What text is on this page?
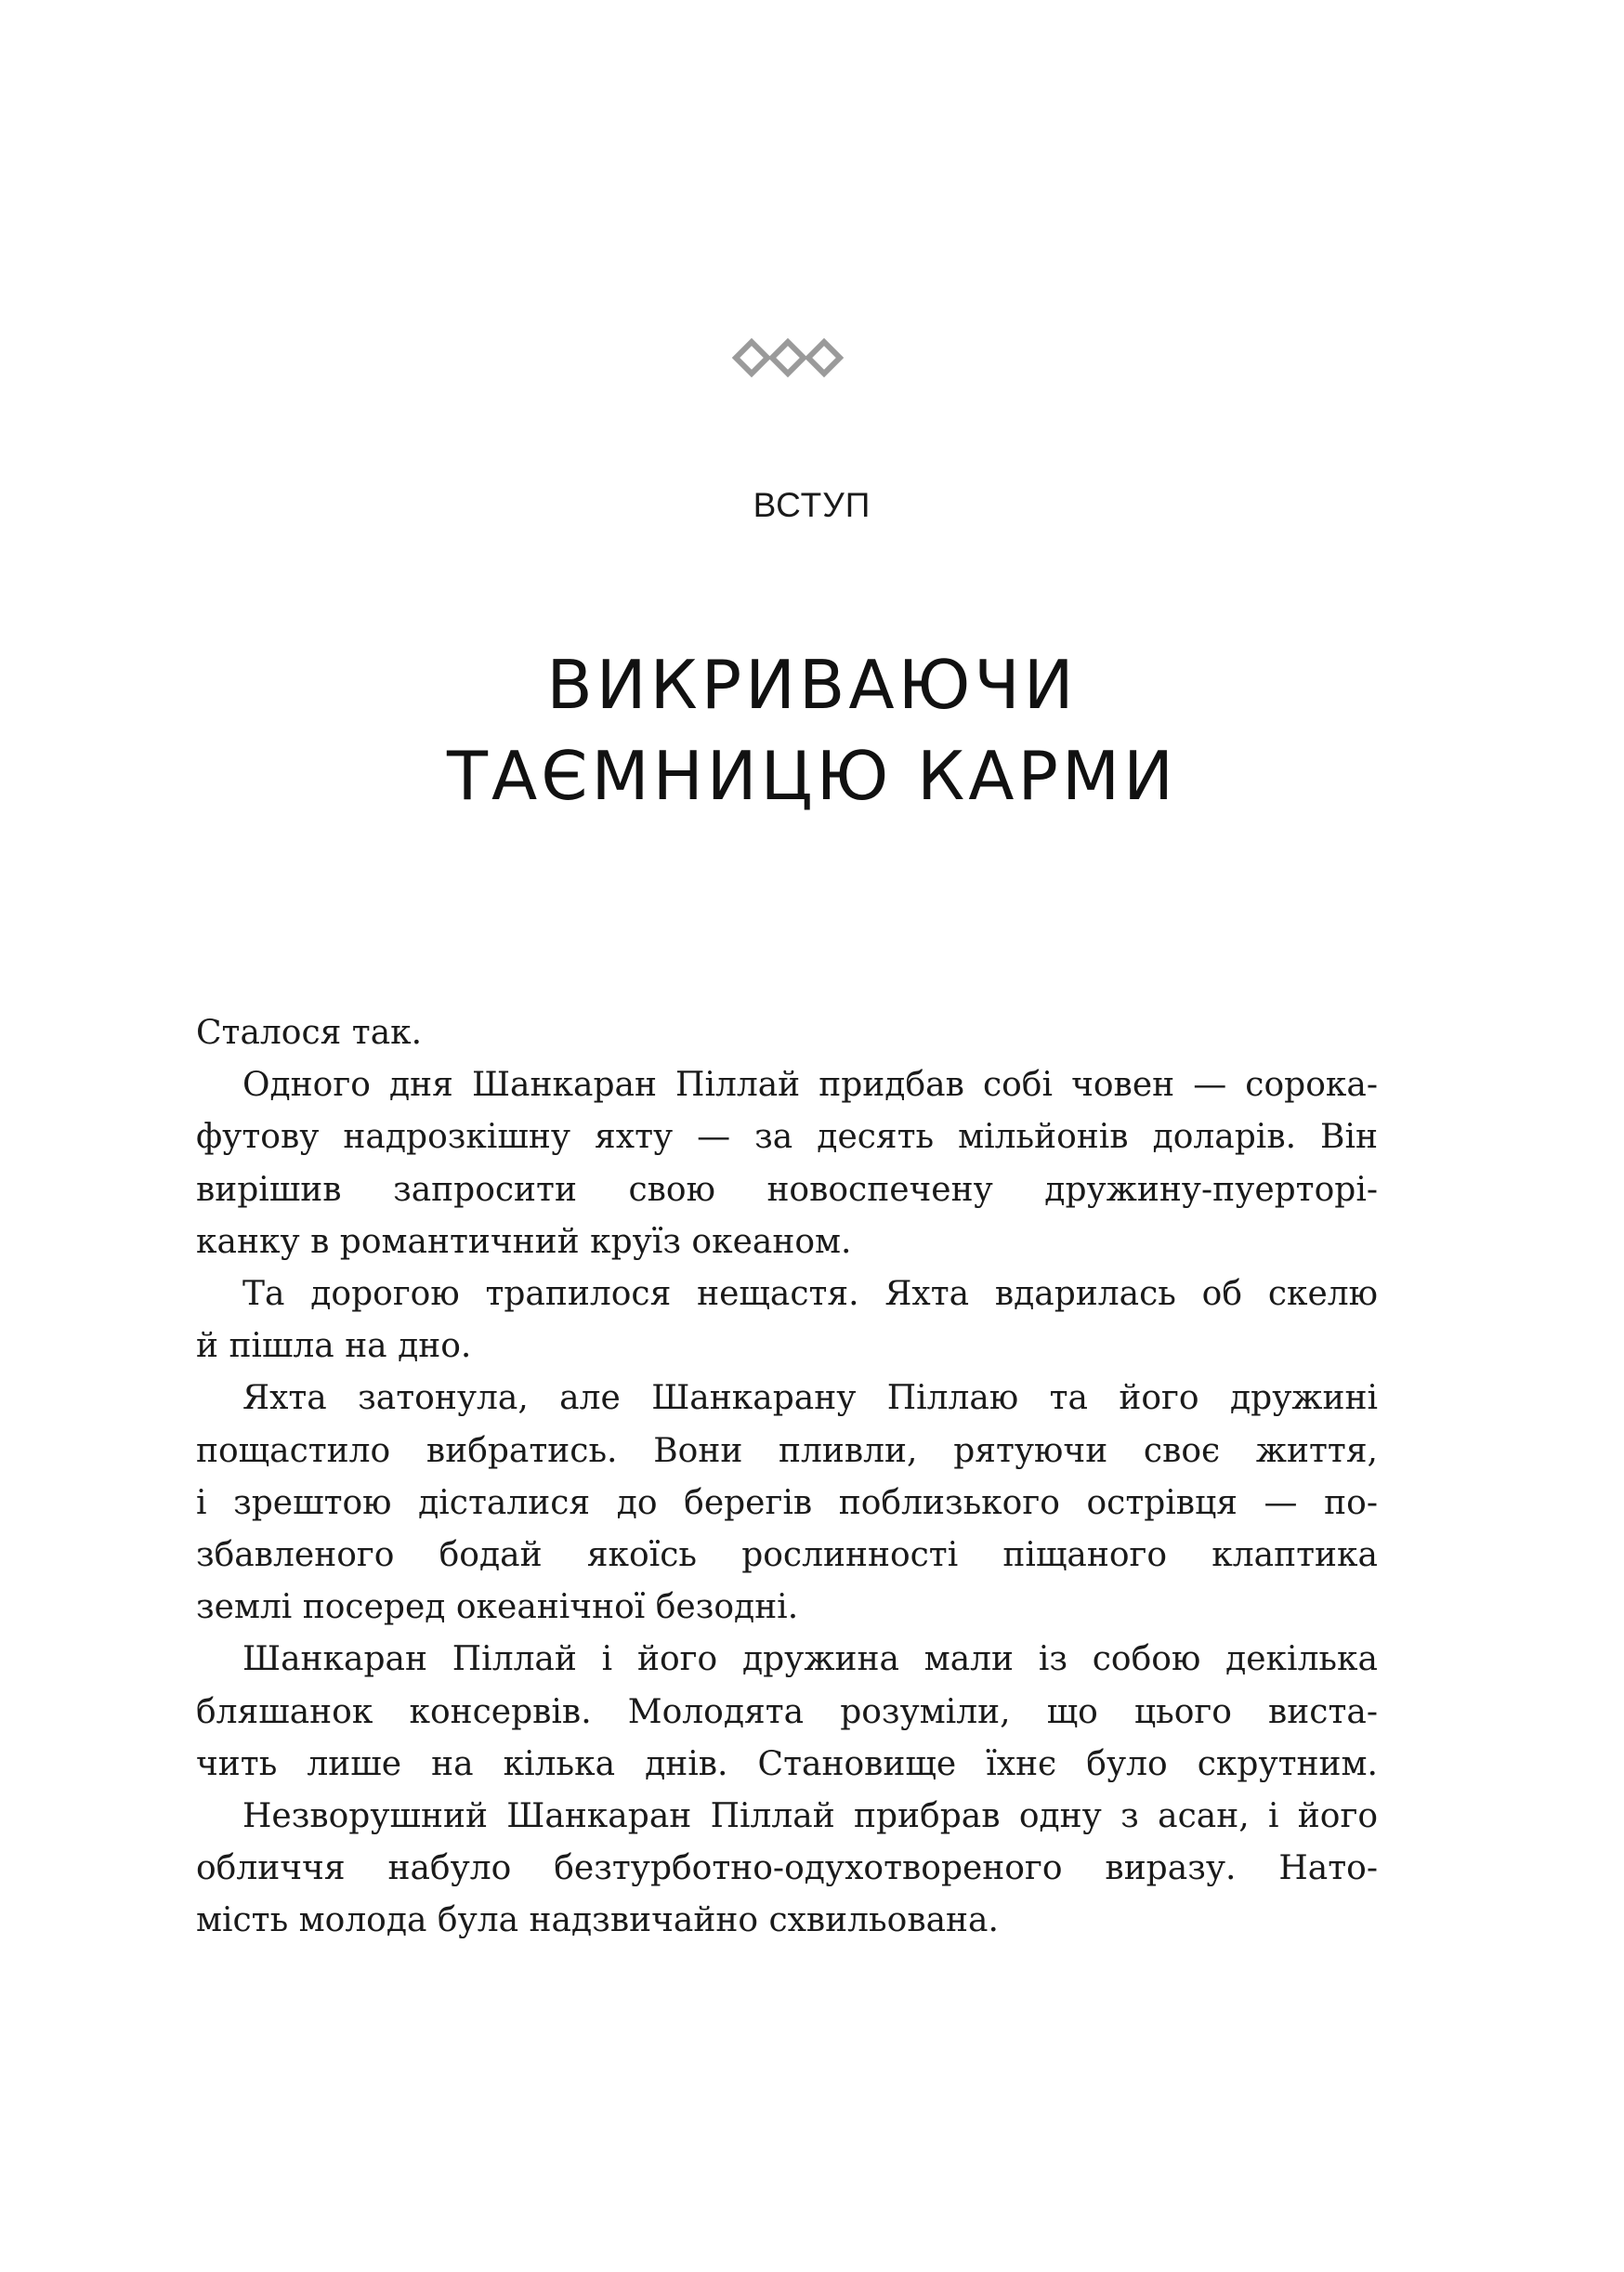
ВСТУП
ВИКРИВАЮЧИ
ТАЄМНИЦЮ КАРМИ
Сталося так.
Одного дня Шанкаран Піллай придбав собі човен — сорока-
футову надрозкішну яхту — за десять мільйонів доларів. Він
вирішив запросити свою новоспечену дружину-пуерторі-
канку в романтичний круїз океаном.
Та дорогою трапилося нещастя. Яхта вдарилась об скелю
й пішла на дно.
Яхта затонула, але Шанкарану Піллаю та його дружині
пощастило вибратись. Вони пливли, рятуючи своє життя,
і зрештою дісталися до берегів поблизького острівця — по-
збавленого бодай якоїсь рослинності піщаного клаптика
землі посеред океанічної безодні.
Шанкаран Піллай і його дружина мали із собою декілька
бляшанок консервів. Молодята розуміли, що цього виста-
чить лише на кілька днів. Становище їхнє було скрутним.
Незворушний Шанкаран Піллай прибрав одну з асан, і його
обличчя набуло безтурботно-одухотвореного виразу. Нато-
мість молода була надзвичайно схвильована.
